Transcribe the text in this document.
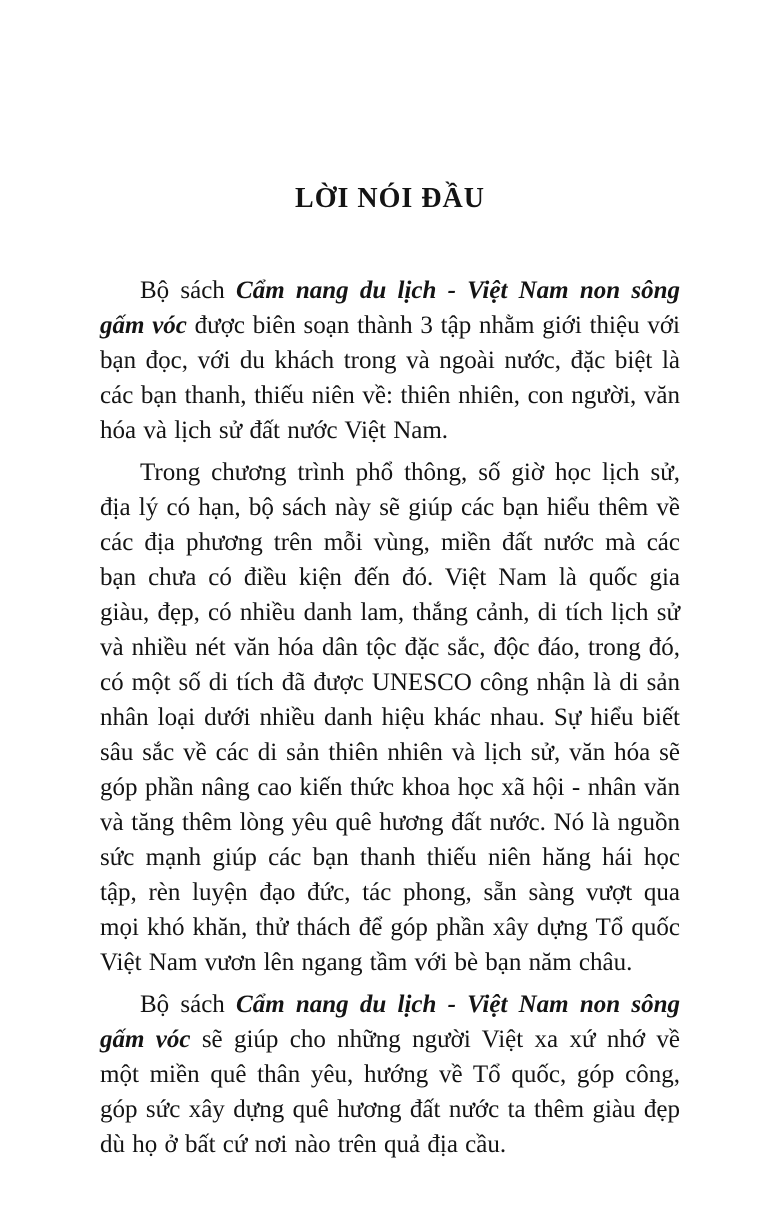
LỜI NÓI ĐẦU

Bộ sách Cẩm nang du lịch - Việt Nam non sông gấm vóc được biên soạn thành 3 tập nhằm giới thiệu với bạn đọc, với du khách trong và ngoài nước, đặc biệt là các bạn thanh, thiếu niên về: thiên nhiên, con người, văn hóa và lịch sử đất nước Việt Nam.

Trong chương trình phổ thông, số giờ học lịch sử, địa lý có hạn, bộ sách này sẽ giúp các bạn hiểu thêm về các địa phương trên mỗi vùng, miền đất nước mà các bạn chưa có điều kiện đến đó. Việt Nam là quốc gia giàu, đẹp, có nhiều danh lam, thắng cảnh, di tích lịch sử và nhiều nét văn hóa dân tộc đặc sắc, độc đáo, trong đó, có một số di tích đã được UNESCO công nhận là di sản nhân loại dưới nhiều danh hiệu khác nhau. Sự hiểu biết sâu sắc về các di sản thiên nhiên và lịch sử, văn hóa sẽ góp phần nâng cao kiến thức khoa học xã hội - nhân văn và tăng thêm lòng yêu quê hương đất nước. Nó là nguồn sức mạnh giúp các bạn thanh thiếu niên hăng hái học tập, rèn luyện đạo đức, tác phong, sẵn sàng vượt qua mọi khó khăn, thử thách để góp phần xây dựng Tổ quốc Việt Nam vươn lên ngang tầm với bè bạn năm châu.

Bộ sách Cẩm nang du lịch - Việt Nam non sông gấm vóc sẽ giúp cho những người Việt xa xứ nhớ về một miền quê thân yêu, hướng về Tổ quốc, góp công, góp sức xây dựng quê hương đất nước ta thêm giàu đẹp dù họ ở bất cứ nơi nào trên quả địa cầu.
